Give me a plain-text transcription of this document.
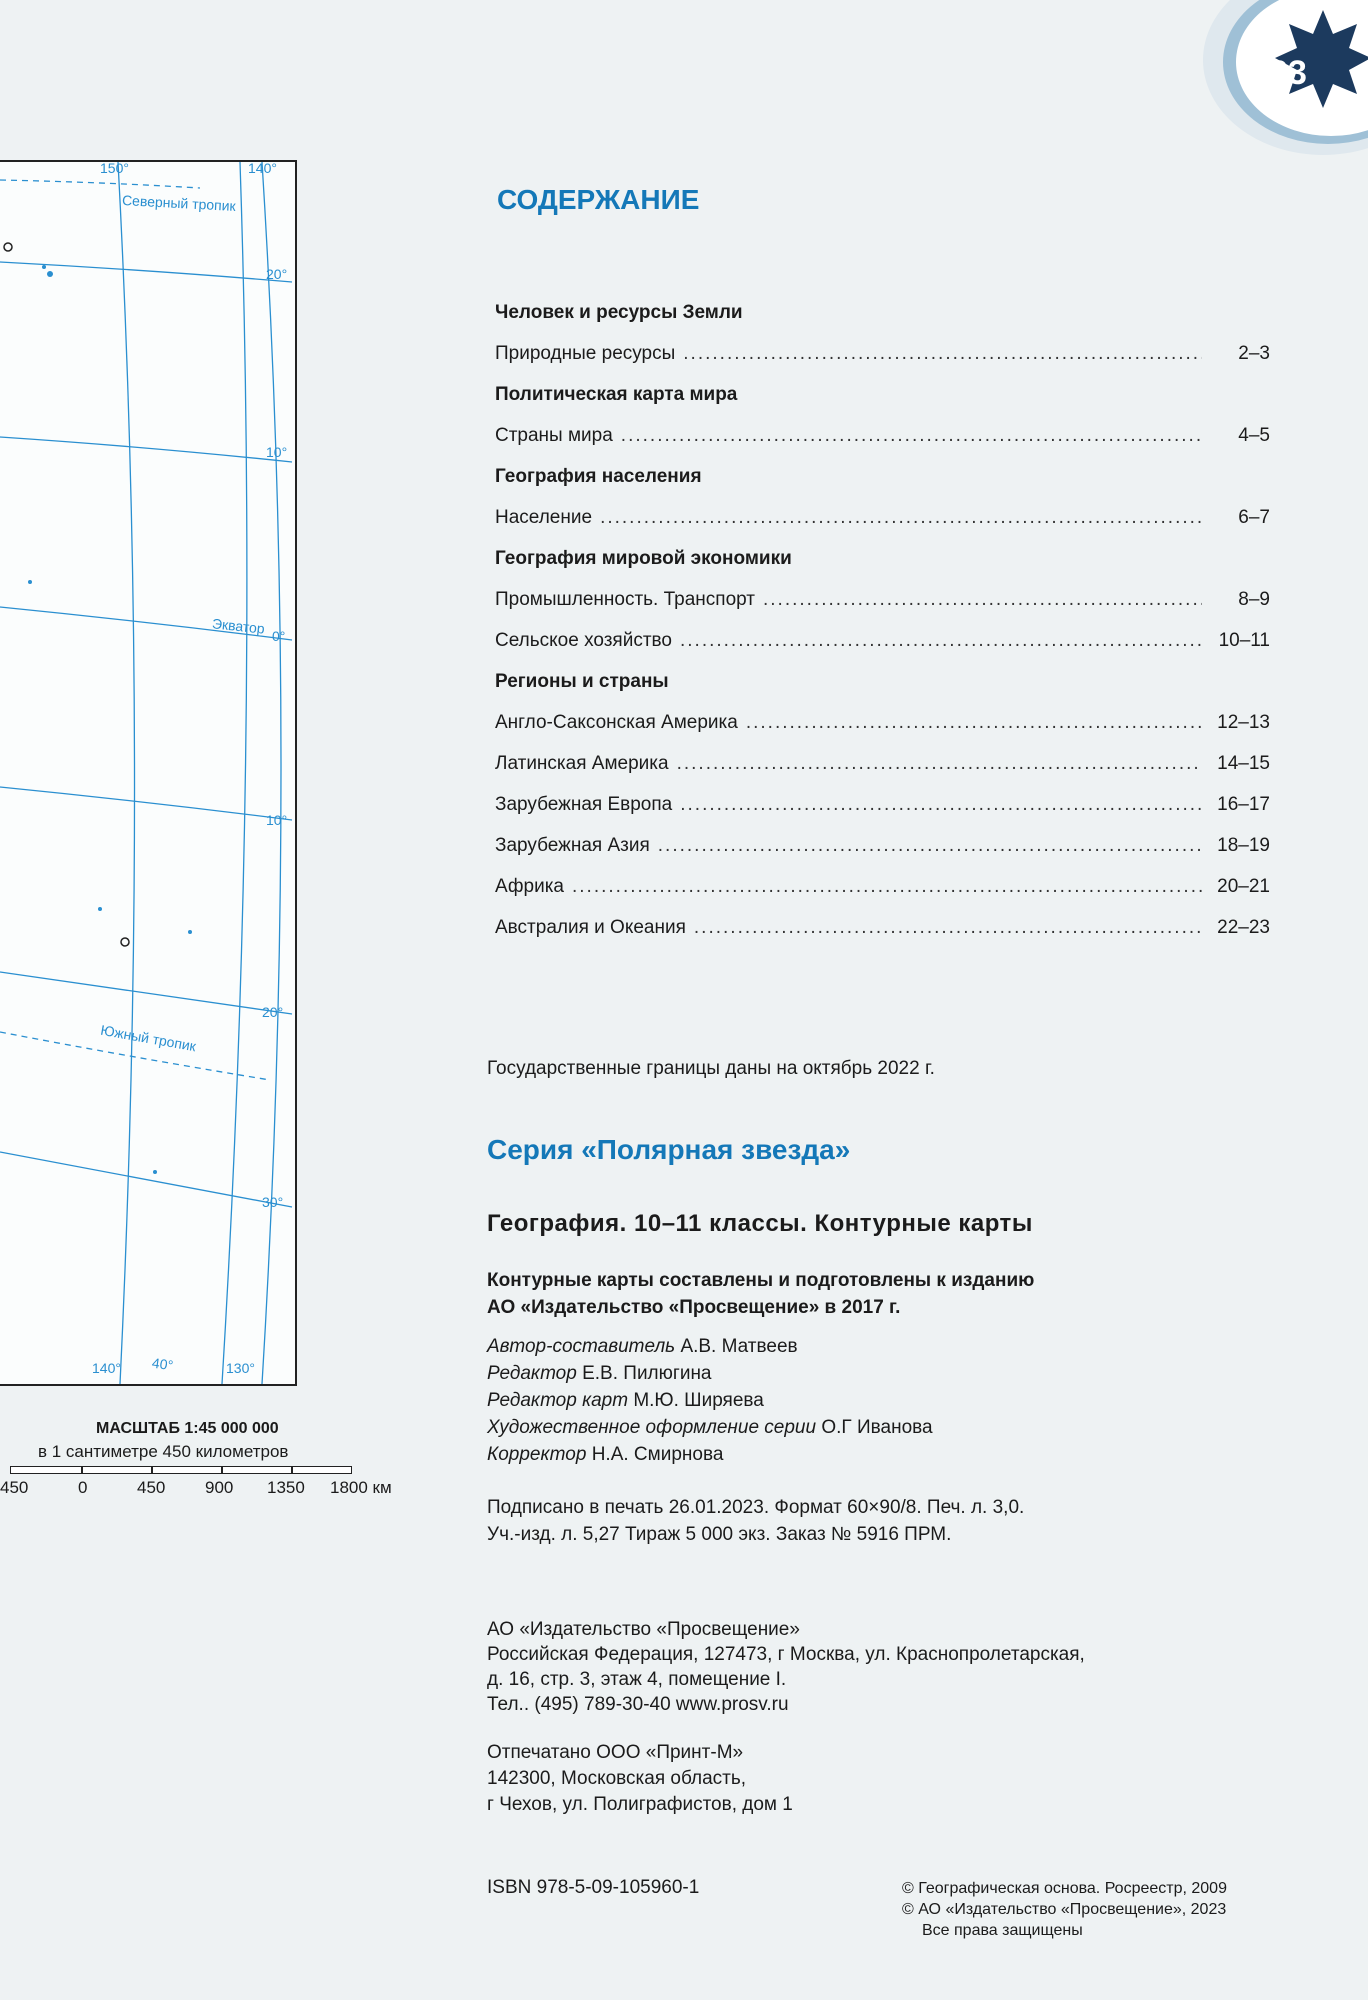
23
150°	140°
Северный тропик
20°
10°
Экватор 0°
10°
Южный тропик
20°
30°
140° 40°	130°
МАСШТАБ 1:45 000 000
в 1 сантиметре 450 километров
450	0	450 900 1350 1800 км
СОДЕРЖАНИЕ
Человек и ресурсы Земли
Природные ресурсы .....	2–3
Политическая карта мира
Страны мира .....	4–5
География населения
Население .....	6–7
География мировой экономики
Промышленность. Транспорт .....	8–9
Сельское хозяйство .....	10–11
Регионы и страны
Англо-Саксонская Америка .....	12–13
Латинская Америка .....	14–15
Зарубежная Европа .....	16–17
Зарубежная Азия .....	18–19
Африка .....	20–21
Австралия и Океания .....	22–23
Государственные границы даны на октябрь 2022 г.
Серия «Полярная звезда»
География. 10–11 классы. Контурные карты
Контурные карты составлены и подготовлены к изданию
АО «Издательство «Просвещение» в 2017 г.
Автор-составитель А.В. Матвеев
Редактор Е.В. Пилюгина
Редактор карт М.Ю. Ширяева
Художественное оформление серии О.Г Иванова
Корректор Н.А. Смирнова
Подписано в печать 26.01.2023. Формат 60×90/8. Печ. л. 3,0.
Уч.-изд. л. 5,27 Тираж 5 000 экз. Заказ № 5916 ПРМ.
АО «Издательство «Просвещение»
Российская Федерация, 127473, г Москва, ул. Краснопролетарская,
д. 16, стр. 3, этаж 4, помещение I.
Тел.. (495) 789-30-40 www.prosv.ru
Отпечатано ООО «Принт-М»
142300, Московская область,
г Чехов, ул. Полиграфистов, дом 1
ISBN 978-5-09-105960-1	© Географическая основа. Росреестр, 2009
© АО «Издательство «Просвещение», 2023
Все права защищены
